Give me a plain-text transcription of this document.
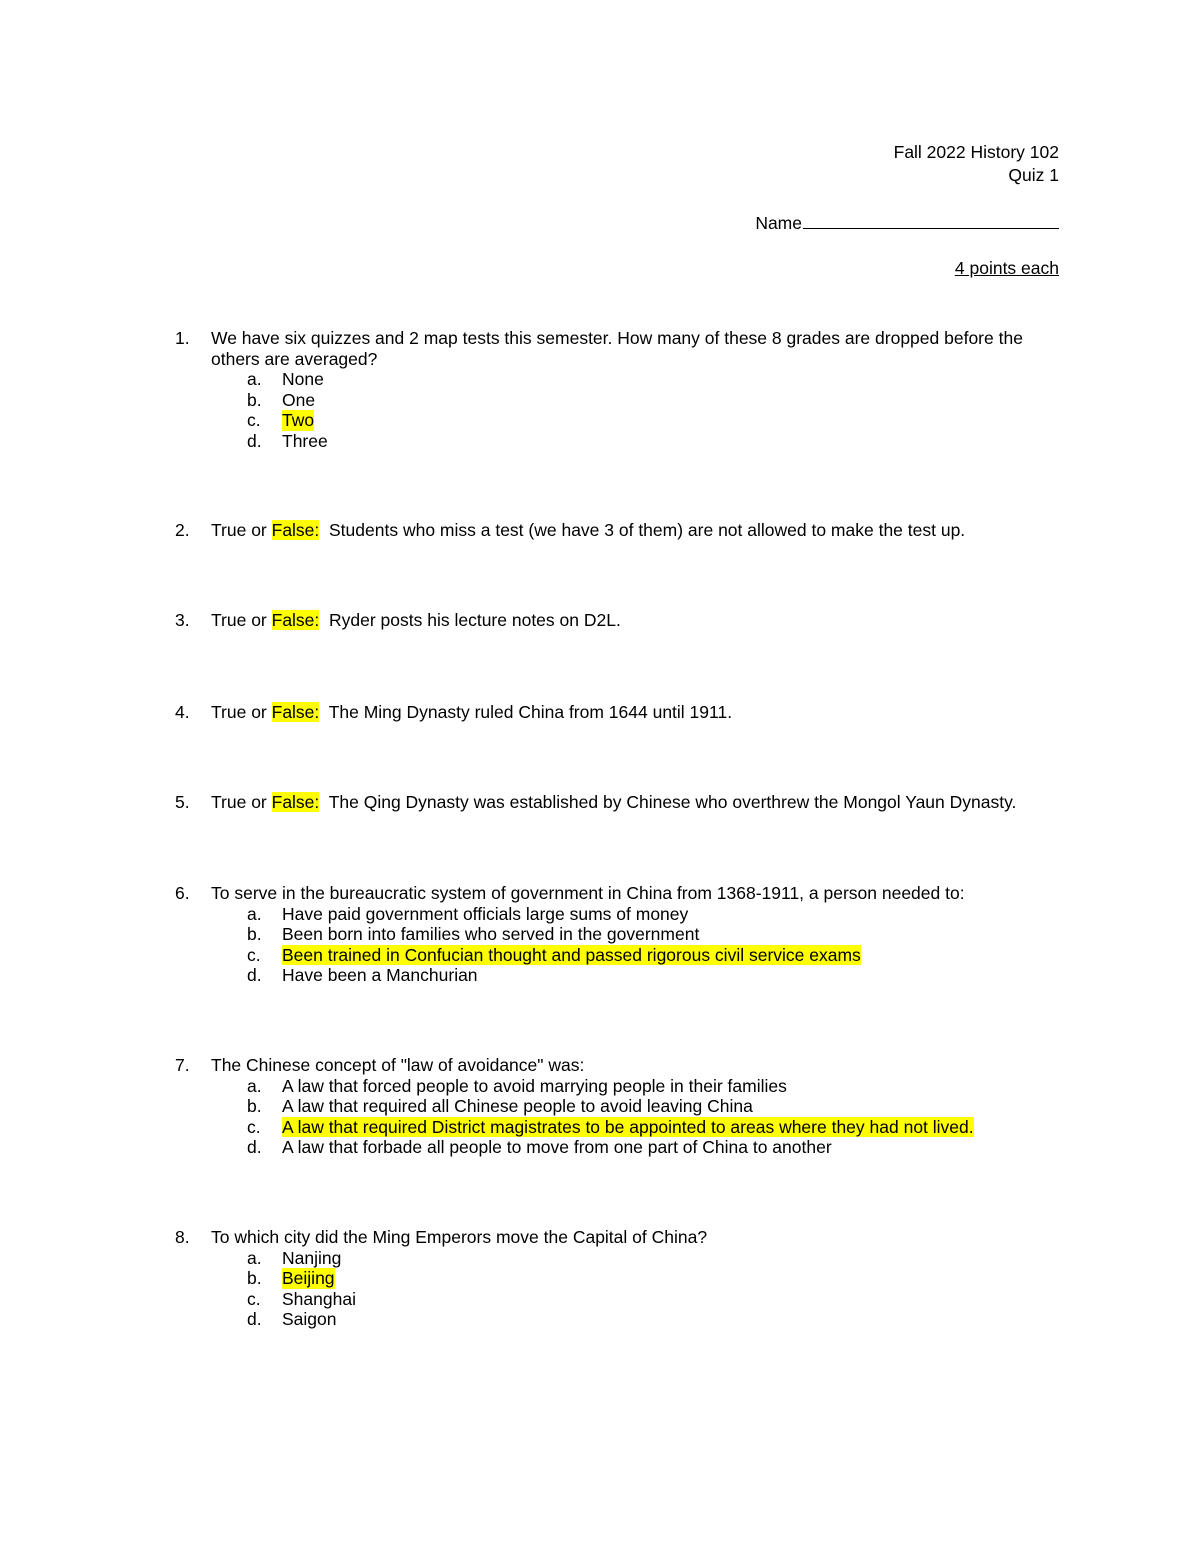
Fall 2022 History 102
Quiz 1
Name
4 points each
1.	We have six quizzes and 2 map tests this semester. How many of these 8 grades are dropped before the others are averaged?
a.	None
b.	One
c.	Two
d.	Three
2.	True or False:  Students who miss a test (we have 3 of them) are not allowed to make the test up.
3.	True or False:  Ryder posts his lecture notes on D2L.
4.	True or False:  The Ming Dynasty ruled China from 1644 until 1911.
5.	True or False:  The Qing Dynasty was established by Chinese who overthrew the Mongol Yaun Dynasty.
6.	To serve in the bureaucratic system of government in China from 1368-1911, a person needed to:
a.	Have paid government officials large sums of money
b.	Been born into families who served in the government
c.	Been trained in Confucian thought and passed rigorous civil service exams
d.	Have been a Manchurian
7.	The Chinese concept of "law of avoidance" was:
a.	A law that forced people to avoid marrying people in their families
b.	A law that required all Chinese people to avoid leaving China
c.	A law that required District magistrates to be appointed to areas where they had not lived.
d.	A law that forbade all people to move from one part of China to another
8.	To which city did the Ming Emperors move the Capital of China?
a.	Nanjing
b.	Beijing
c.	Shanghai
d.	Saigon
